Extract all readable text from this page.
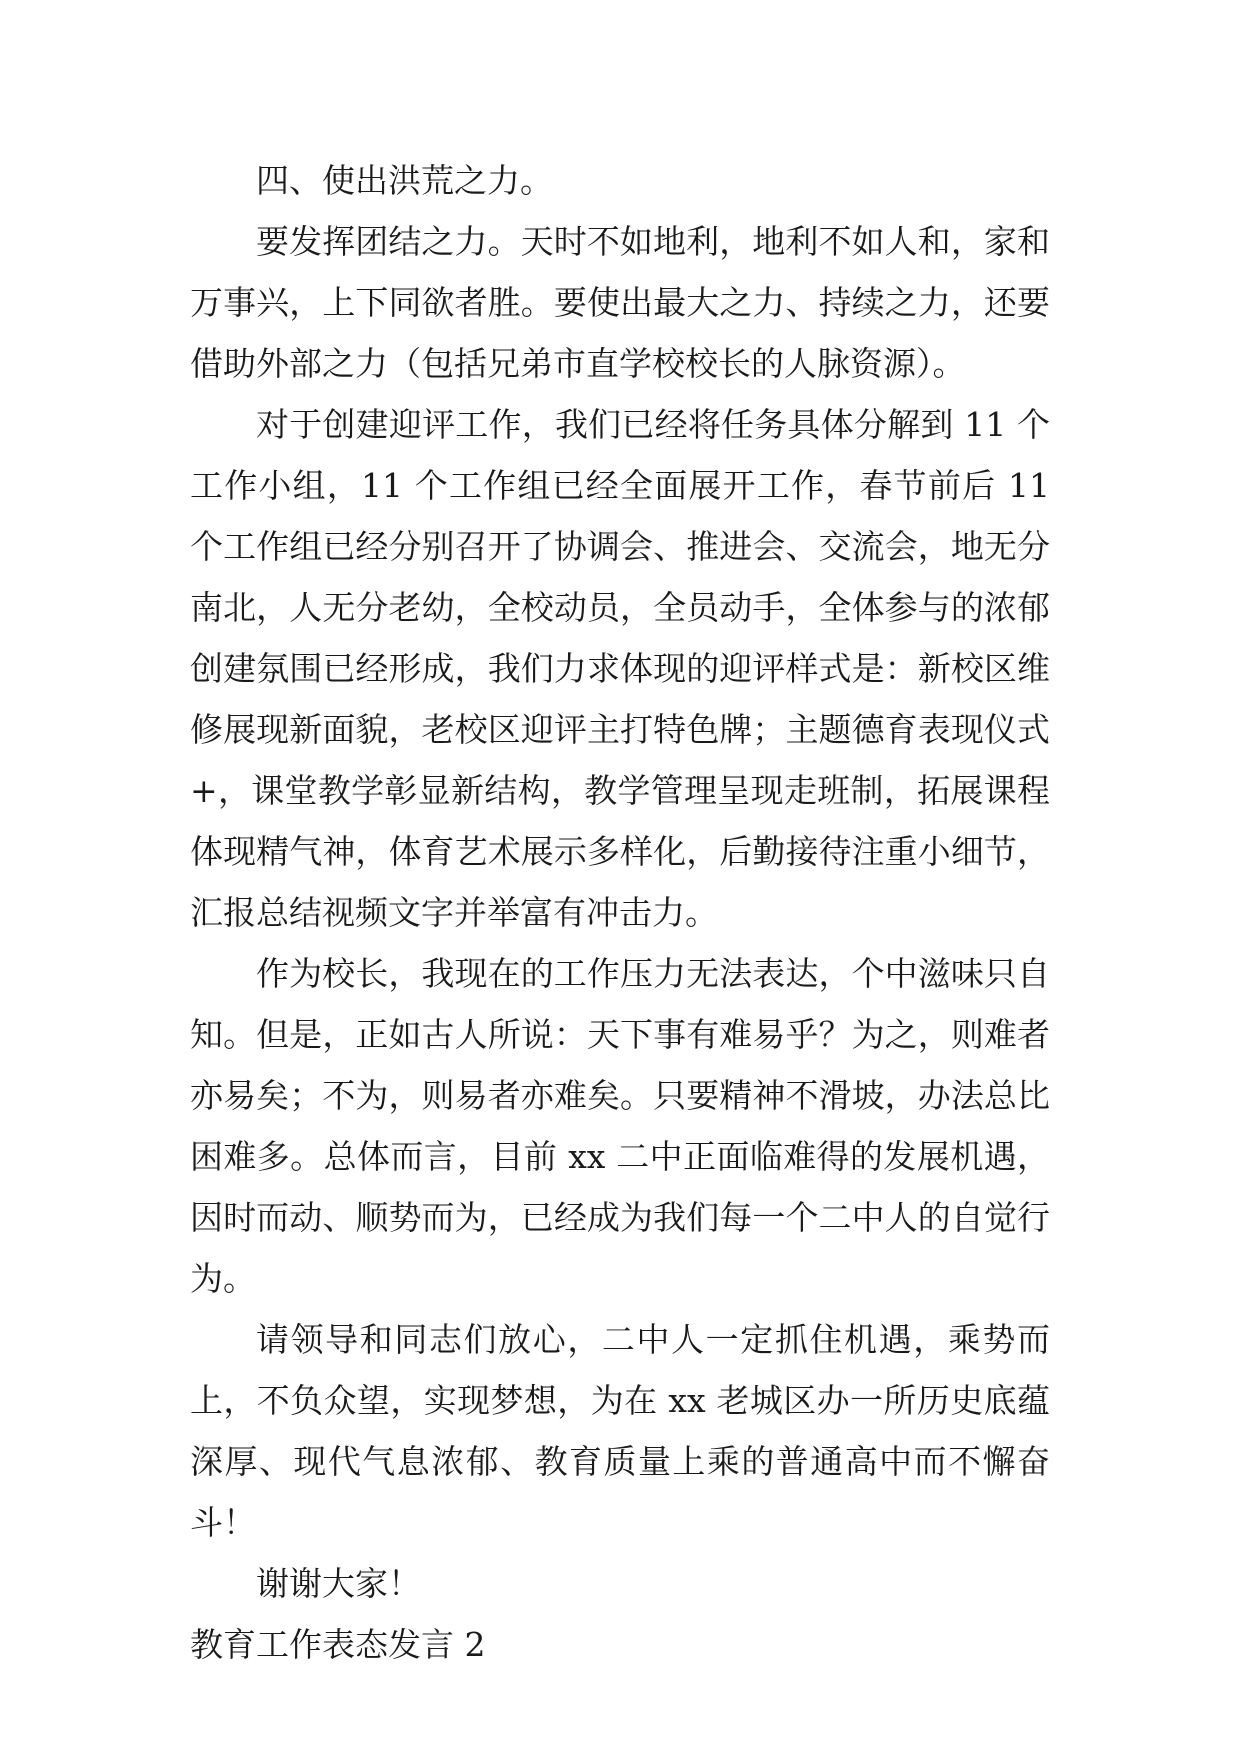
四、使出洪荒之力。

要发挥团结之力。天时不如地利，地利不如人和，家和万事兴，上下同欲者胜。要使出最大之力、持续之力，还要借助外部之力（包括兄弟市直学校校长的人脉资源）。

对于创建迎评工作，我们已经将任务具体分解到 11 个工作小组，11 个工作组已经全面展开工作，春节前后 11 个工作组已经分别召开了协调会、推进会、交流会，地无分南北，人无分老幼，全校动员，全员动手，全体参与的浓郁创建氛围已经形成，我们力求体现的迎评样式是：新校区维修展现新面貌，老校区迎评主打特色牌；主题德育表现仪式+，课堂教学彰显新结构，教学管理呈现走班制，拓展课程体现精气神，体育艺术展示多样化，后勤接待注重小细节，汇报总结视频文字并举富有冲击力。

作为校长，我现在的工作压力无法表达，个中滋味只自知。但是，正如古人所说：天下事有难易乎？为之，则难者亦易矣；不为，则易者亦难矣。只要精神不滑坡，办法总比困难多。总体而言，目前 xx 二中正面临难得的发展机遇，因时而动、顺势而为，已经成为我们每一个二中人的自觉行为。

请领导和同志们放心，二中人一定抓住机遇，乘势而上，不负众望，实现梦想，为在 xx 老城区办一所历史底蕴深厚、现代气息浓郁、教育质量上乘的普通高中而不懈奋斗！

谢谢大家！

教育工作表态发言 2
